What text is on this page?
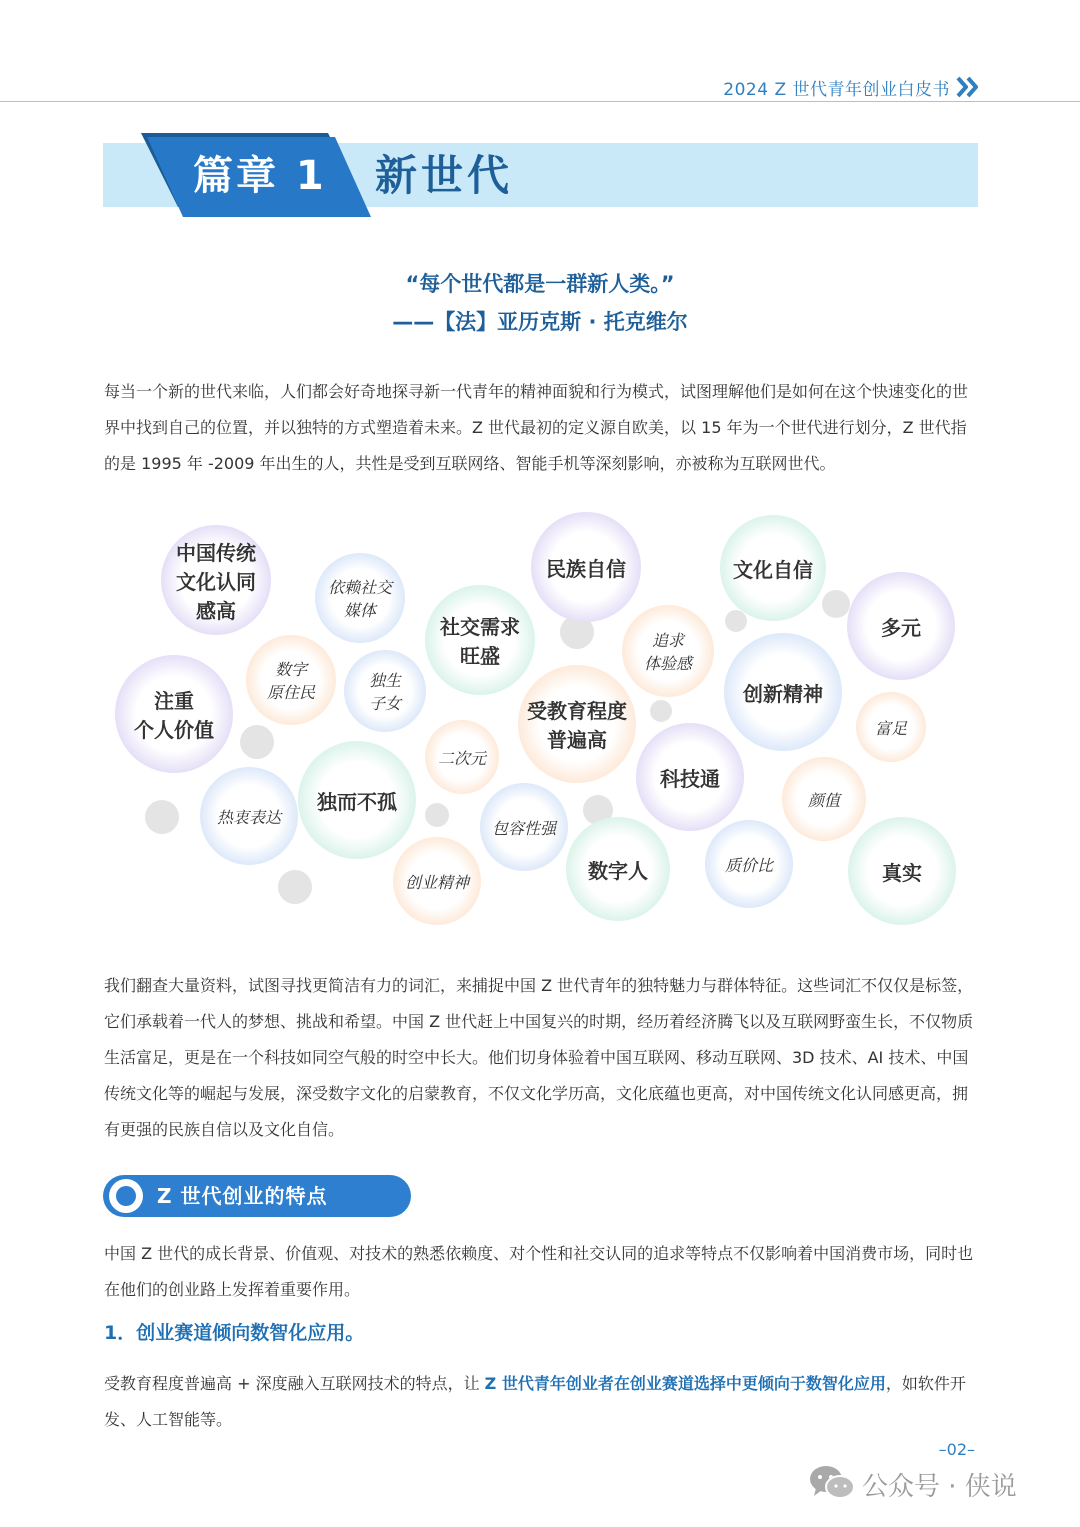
2024 Z 世代青年创业白皮书
篇章 1 新世代
“每个世代都是一群新人类。”
——【法】亚历克斯 · 托克维尔

每当一个新的世代来临，人们都会好奇地探寻新一代青年的精神面貌和行为模式，试图理解他们是如何在这个快速变化的世界中找到自己的位置，并以独特的方式塑造着未来。Z 世代最初的定义源自欧美，以 15 年为一个世代进行划分，Z 世代指的是 1995 年 -2009 年出生的人，共性是受到互联网络、智能手机等深刻影响，亦被称为互联网世代。

中国传统
文化认同
感高
依赖社交
媒体
社交需求
旺盛
民族自信
追求
体验感
文化自信
多元
数字
原住民
独生
子女
注重
个人价值
受教育程度
普遍高
创新精神
富足
二次元
科技通
独而不孤
热衷表达
颜值
包容性强
质价比
数字人	真实
创业精神

我们翻查大量资料，试图寻找更简洁有力的词汇，来捕捉中国 Z 世代青年的独特魅力与群体特征。这些词汇不仅仅是标签，它们承载着一代人的梦想、挑战和希望。中国 Z 世代赶上中国复兴的时期，经历着经济腾飞以及互联网野蛮生长，不仅物质生活富足，更是在一个科技如同空气般的时空中长大。他们切身体验着中国互联网、移动互联网、3D 技术、AI 技术、中国传统文化等的崛起与发展，深受数字文化的启蒙教育，不仅文化学历高，文化底蕴也更高，对中国传统文化认同感更高，拥有更强的民族自信以及文化自信。

Z 世代创业的特点

中国 Z 世代的成长背景、价值观、对技术的熟悉依赖度、对个性和社交认同的追求等特点不仅影响着中国消费市场，同时也在他们的创业路上发挥着重要作用。

1．创业赛道倾向数智化应用。

受教育程度普遍高 + 深度融入互联网技术的特点，让 Z 世代青年创业者在创业赛道选择中更倾向于数智化应用，如软件开发、人工智能等。

–02–
公众号 · 侠说
